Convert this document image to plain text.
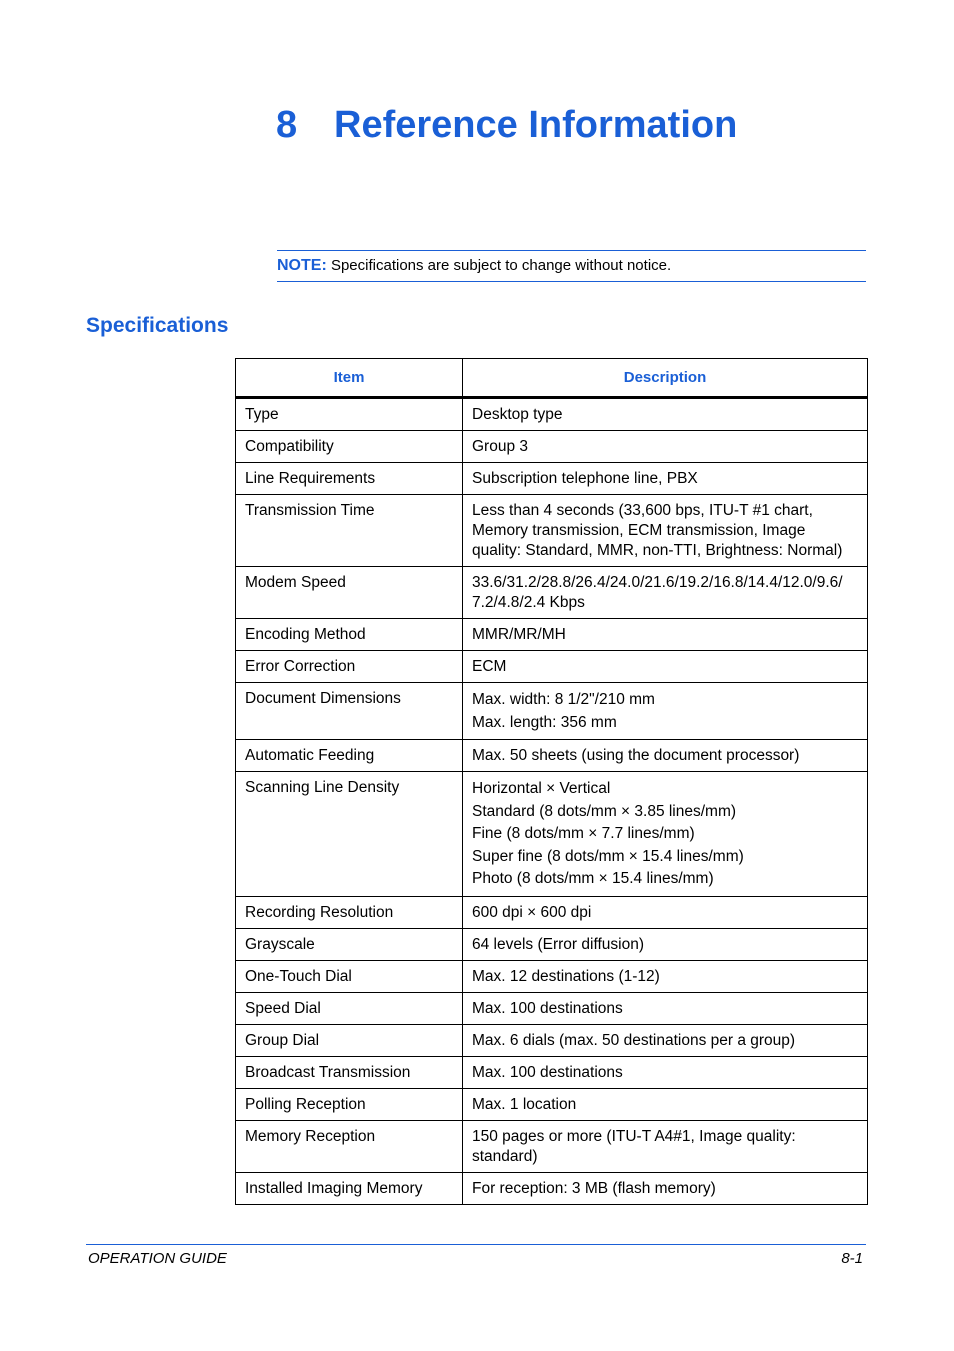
8 Reference Information
NOTE: Specifications are subject to change without notice.
Specifications
Item	Description
Type	Desktop type

Compatibility	Group 3

Line Requirements	Subscription telephone line, PBX

Transmission Time	Less than 4 seconds (33,600 bps, ITU-T #1 chart,
Memory transmission, ECM transmission, Image
quality: Standard, MMR, non-TTI, Brightness: Normal)

Modem Speed	33.6/31.2/28.8/26.4/24.0/21.6/19.2/16.8/14.4/12.0/9.6/
7.2/4.8/2.4 Kbps

Encoding Method	MMR/MR/MH

Error Correction	ECM

Document Dimensions	Max. width: 8 1/2"/210 mm
Max. length: 356 mm

Automatic Feeding	Max. 50 sheets (using the document processor)

Scanning Line Density	Horizontal × Vertical
Standard (8 dots/mm × 3.85 lines/mm)
Fine (8 dots/mm × 7.7 lines/mm)
Super fine (8 dots/mm × 15.4 lines/mm)
Photo (8 dots/mm × 15.4 lines/mm)

Recording Resolution	600 dpi × 600 dpi

Grayscale	64 levels (Error diffusion)

One-Touch Dial	Max. 12 destinations (1-12)

Speed Dial	Max. 100 destinations

Group Dial	Max. 6 dials (max. 50 destinations per a group)

Broadcast Transmission	Max. 100 destinations

Polling Reception	Max. 1 location

Memory Reception	150 pages or more (ITU-T A4#1, Image quality:
standard)

Installed Imaging Memory	For reception: 3 MB (flash memory)
OPERATION GUIDE	8-1
